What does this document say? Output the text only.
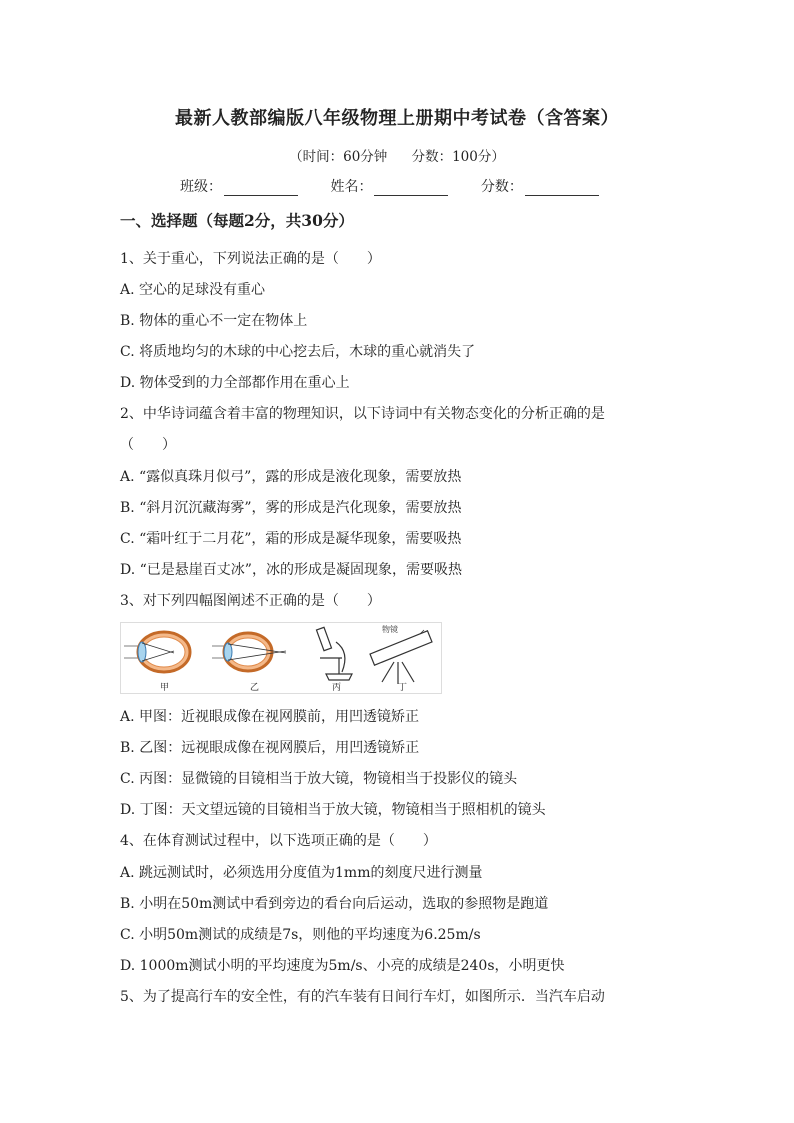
最新人教部编版八年级物理上册期中考试卷（含答案）
（时间：60分钟 分数：100分）
班级：	姓名：	分数：
一、选择题（每题2分，共30分）
1、关于重心，下列说法正确的是（　　）
A. 空心的足球没有重心
B. 物体的重心不一定在物体上
C. 将质地均匀的木球的中心挖去后，木球的重心就消失了
D. 物体受到的力全部都作用在重心上
2、中华诗词蕴含着丰富的物理知识，以下诗词中有关物态变化的分析正确的是
（　　）
A. “露似真珠月似弓”，露的形成是液化现象，需要放热
B. “斜月沉沉藏海雾”，雾的形成是汽化现象，需要放热
C. “霜叶红于二月花”，霜的形成是凝华现象，需要吸热
D. “已是悬崖百丈冰”，冰的形成是凝固现象，需要吸热
3、对下列四幅图阐述不正确的是（　　）
物镜
甲	乙	丙	丁
A. 甲图：近视眼成像在视网膜前，用凹透镜矫正
B. 乙图：远视眼成像在视网膜后，用凹透镜矫正
C. 丙图：显微镜的目镜相当于放大镜，物镜相当于投影仪的镜头
D. 丁图：天文望远镜的目镜相当于放大镜，物镜相当于照相机的镜头
4、在体育测试过程中，以下选项正确的是（　　）
A. 跳远测试时，必须选用分度值为1mm的刻度尺进行测量
B. 小明在50m测试中看到旁边的看台向后运动，选取的参照物是跑道
C. 小明50m测试的成绩是7s，则他的平均速度为6.25m/s
D. 1000m测试小明的平均速度为5m/s、小亮的成绩是240s，小明更快
5、为了提高行车的安全性，有的汽车装有日间行车灯，如图所示．当汽车启动
